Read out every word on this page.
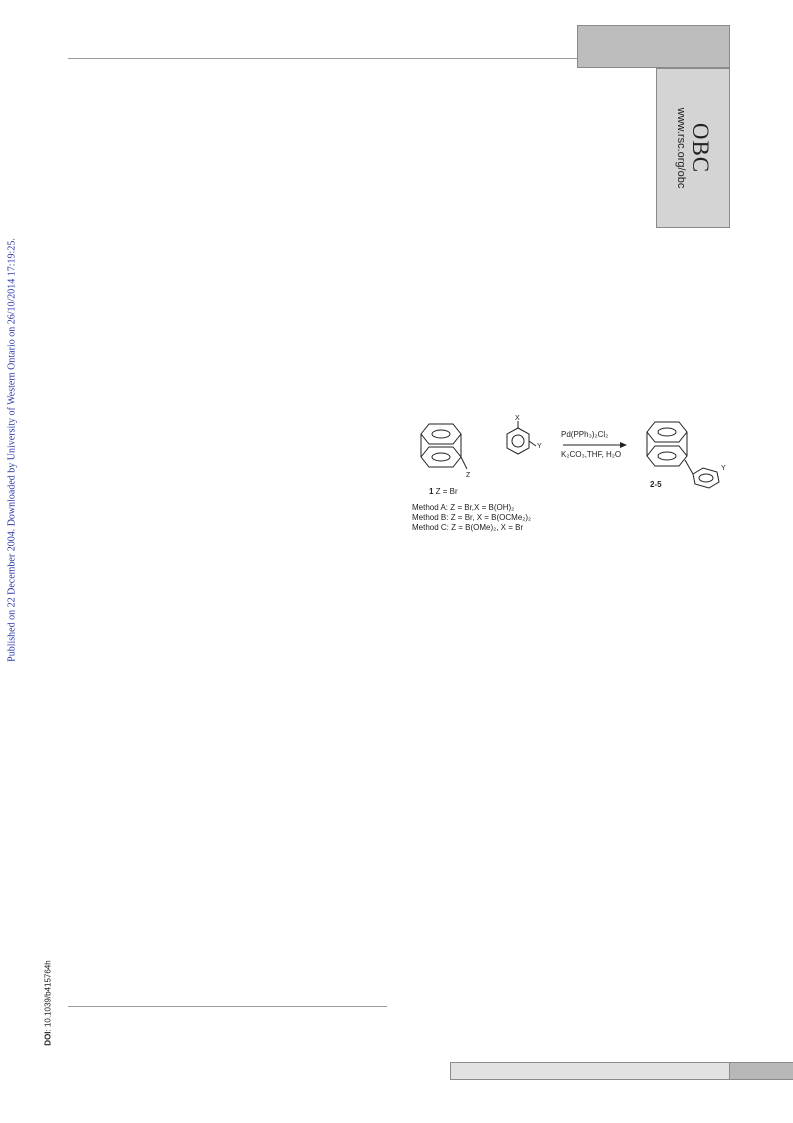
OBC
www.rsc.org/obc
Published on 22 December 2004. Downloaded by University of Western Ontario on 26/10/2014 17:19:25.
DOI: 10.1039/b415764h
Z
X
Y
Pd(PPh₃)₂Cl₂
K₂CO₃,THF, H₂O
Y
2-5
1 Z = Br
Method A: Z = Br,X = B(OH)₂
Method B: Z = Br, X = B(OCMe₂)₂
Method C: Z = B(OMe)₂, X = Br
